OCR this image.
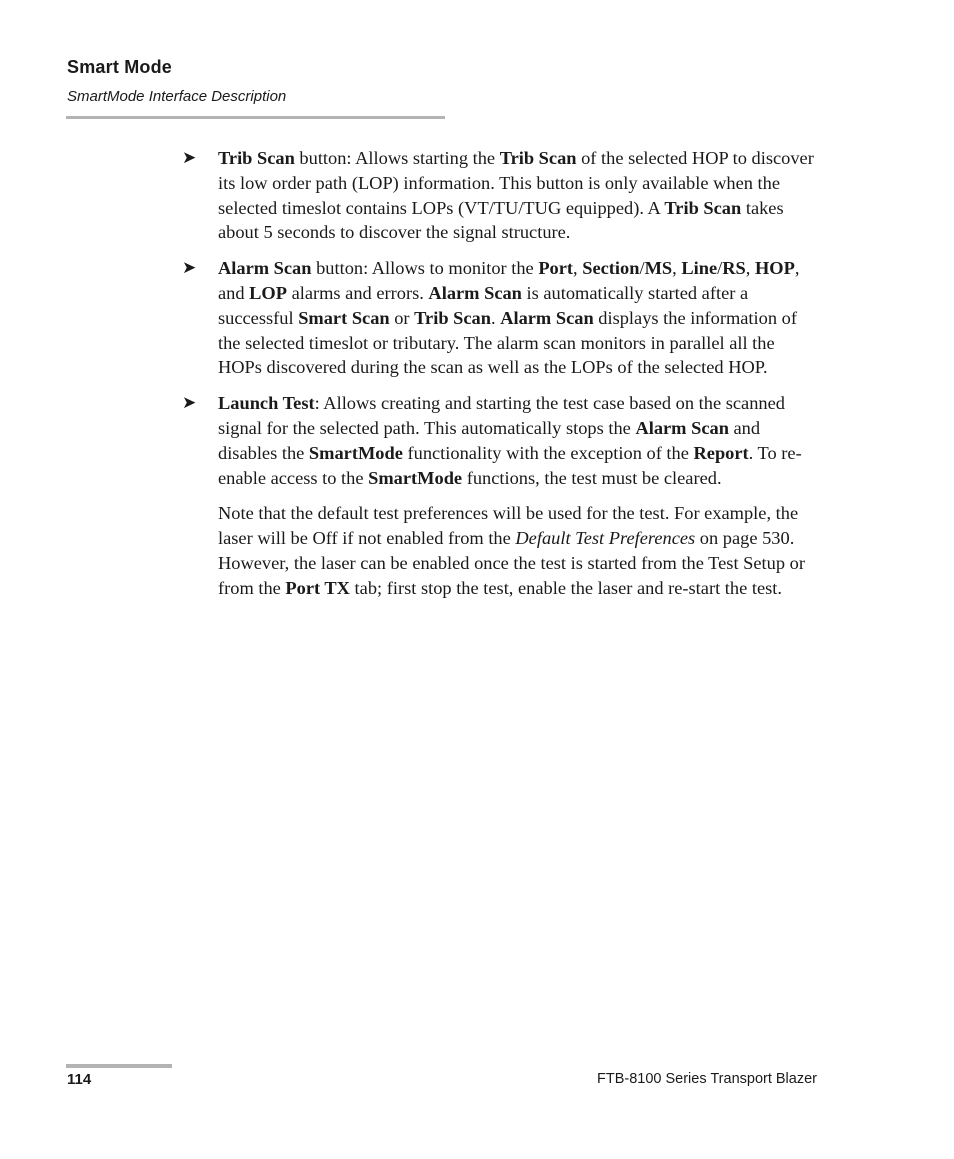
Smart Mode
SmartMode Interface Description
➤ Trib Scan button: Allows starting the Trib Scan of the selected HOP to discover its low order path (LOP) information. This button is only available when the selected timeslot contains LOPs (VT/TU/TUG equipped). A Trib Scan takes about 5 seconds to discover the signal structure.

➤ Alarm Scan button: Allows to monitor the Port, Section/MS, Line/RS, HOP, and LOP alarms and errors. Alarm Scan is automatically started after a successful Smart Scan or Trib Scan. Alarm Scan displays the information of the selected timeslot or tributary. The alarm scan monitors in parallel all the HOPs discovered during the scan as well as the LOPs of the selected HOP.

➤ Launch Test: Allows creating and starting the test case based on the scanned signal for the selected path. This automatically stops the Alarm Scan and disables the SmartMode functionality with the exception of the Report. To re-enable access to the SmartMode functions, the test must be cleared.

Note that the default test preferences will be used for the test. For example, the laser will be Off if not enabled from the Default Test Preferences on page 530. However, the laser can be enabled once the test is started from the Test Setup or from the Port TX tab; first stop the test, enable the laser and re-start the test.

114	FTB-8100 Series Transport Blazer
